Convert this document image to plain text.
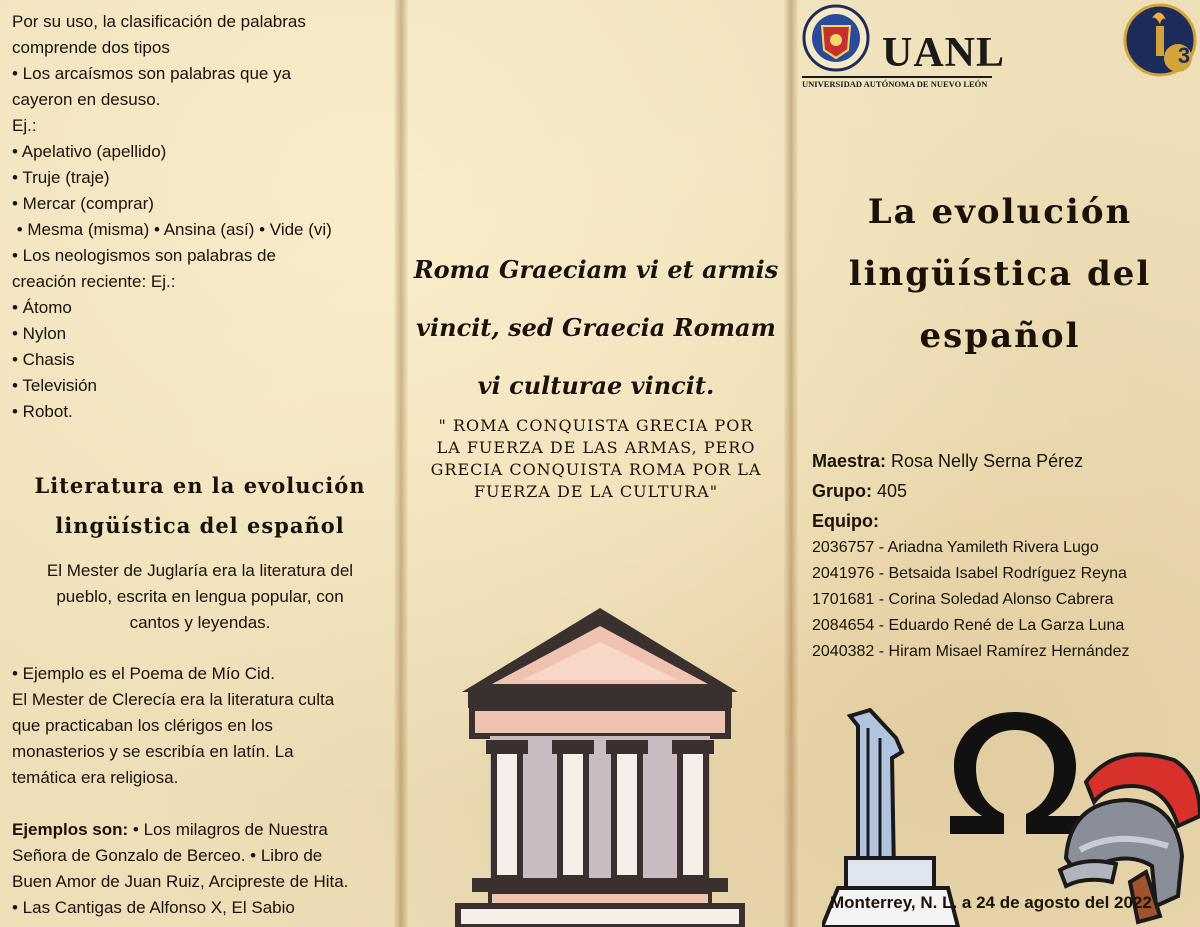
Por su uso, la clasificación de palabras
comprende dos tipos
• Los arcaísmos son palabras que ya
cayeron en desuso.
Ej.:
• Apelativo (apellido)
• Truje (traje)
• Mercar (comprar)
• Mesma (misma) • Ansina (así) • Vide (vi)
• Los neologismos son palabras de
creación reciente: Ej.:
• Átomo
• Nylon
• Chasis
• Televisión
• Robot.
Literatura en la evolución
lingüística del español
El Mester de Juglaría era la literatura del
pueblo, escrita en lengua popular, con
cantos y leyendas.
• Ejemplo es el Poema de Mío Cid.
El Mester de Clerecía era la literatura culta
que practicaban los clérigos en los
monasterios y se escribía en latín. La
temática era religiosa.
Ejemplos son: • Los milagros de Nuestra
Señora de Gonzalo de Berceo. • Libro de
Buen Amor de Juan Ruiz, Arcipreste de Hita.
• Las Cantigas de Alfonso X, El Sabio
Roma Graeciam vi et armis
vincit, sed Graecia Romam
vi culturae vincit.
" ROMA CONQUISTA GRECIA POR
LA FUERZA DE LAS ARMAS, PERO
GRECIA CONQUISTA ROMA POR LA
FUERZA DE LA CULTURA"
UANL
UNIVERSIDAD AUTÓNOMA DE NUEVO LEÓN
3
La evolución
lingüística del
español
Maestra: Rosa Nelly Serna Pérez
Grupo: 405
Equipo:
2036757 - Ariadna Yamileth Rivera Lugo
2041976 - Betsaida Isabel Rodríguez Reyna
1701681 - Corina Soledad Alonso Cabrera
2084654 - Eduardo René de La Garza Luna
2040382 - Hiram Misael Ramírez Hernández
Monterrey, N. L. a 24 de agosto del 2022
